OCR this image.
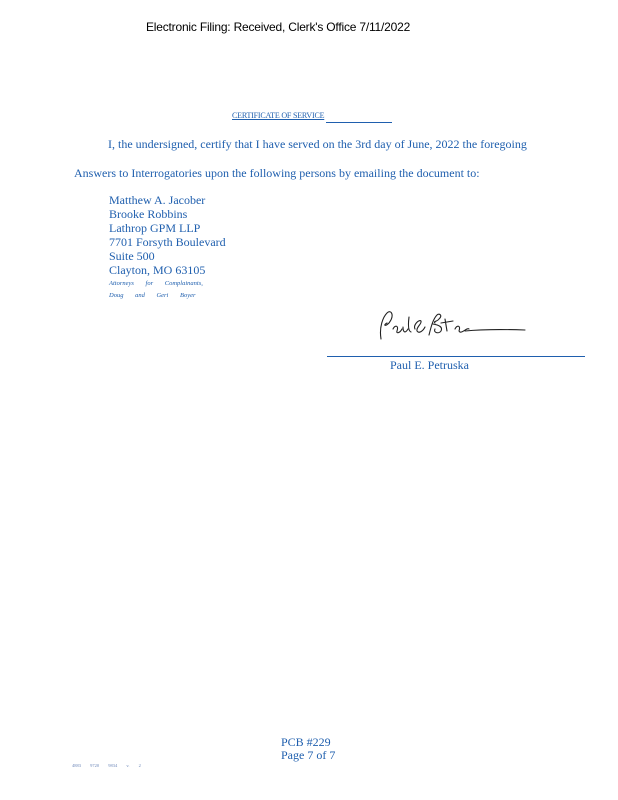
Electronic Filing: Received, Clerk's Office 7/11/2022
CERTIFICATE OF SERVICE
I, the undersigned, certify that I have served on the 3rd day of June, 2022 the foregoing
Answers to Interrogatories upon the following persons by emailing the document to:
Matthew A. Jacober
Brooke Robbins
Lathrop GPM LLP
7701 Forsyth Boulevard
Suite 500
Clayton, MO 63105
Attorneys for Complainants,
Doug and Geri Boyer
Paul E. Petruska
PCB #229
Page 7 of 7
4883 9720 9834 v. 2
